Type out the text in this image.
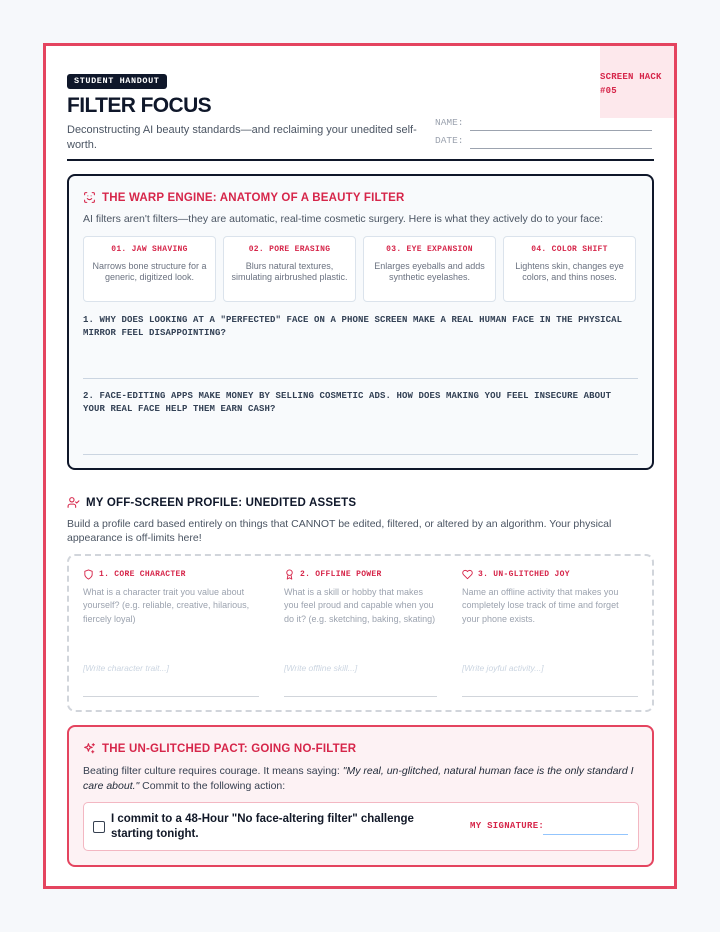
SCREEN HACK
#05
STUDENT HANDOUT
FILTER FOCUS
Deconstructing AI beauty standards—and reclaiming your unedited self-worth.
NAME:
DATE:
THE WARP ENGINE: ANATOMY OF A BEAUTY FILTER
AI filters aren't filters—they are automatic, real-time cosmetic surgery. Here is what they actively do to your face:
01. JAW SHAVING
Narrows bone structure for a generic, digitized look.
02. PORE ERASING
Blurs natural textures, simulating airbrushed plastic.
03. EYE EXPANSION
Enlarges eyeballs and adds synthetic eyelashes.
04. COLOR SHIFT
Lightens skin, changes eye colors, and thins noses.
1. WHY DOES LOOKING AT A "PERFECTED" FACE ON A PHONE SCREEN MAKE A REAL HUMAN FACE IN THE PHYSICAL MIRROR FEEL DISAPPOINTING?
2. FACE-EDITING APPS MAKE MONEY BY SELLING COSMETIC ADS. HOW DOES MAKING YOU FEEL INSECURE ABOUT YOUR REAL FACE HELP THEM EARN CASH?
MY OFF-SCREEN PROFILE: UNEDITED ASSETS
Build a profile card based entirely on things that CANNOT be edited, filtered, or altered by an algorithm. Your physical appearance is off-limits here!
1. CORE CHARACTER
What is a character trait you value about yourself? (e.g. reliable, creative, hilarious, fiercely loyal)
[Write character trait...]
2. OFFLINE POWER
What is a skill or hobby that makes you feel proud and capable when you do it? (e.g. sketching, baking, skating)
[Write offline skill...]
3. UN-GLITCHED JOY
Name an offline activity that makes you completely lose track of time and forget your phone exists.
[Write joyful activity...]
THE UN-GLITCHED PACT: GOING NO-FILTER
Beating filter culture requires courage. It means saying: "My real, un-glitched, natural human face is the only standard I care about." Commit to the following action:
I commit to a 48-Hour "No face-altering filter" challenge starting tonight.
MY SIGNATURE:
